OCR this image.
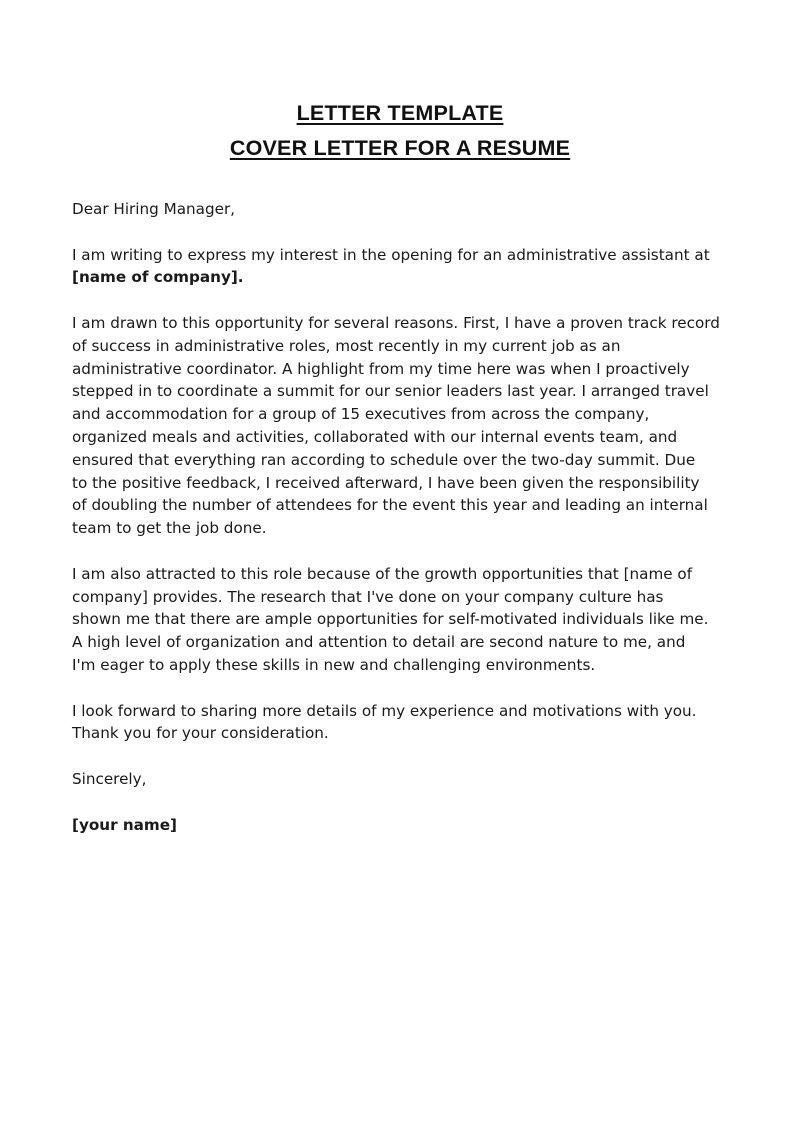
LETTER TEMPLATE
COVER LETTER FOR A RESUME

Dear Hiring Manager,

I am writing to express my interest in the opening for an administrative assistant at
[name of company].

I am drawn to this opportunity for several reasons. First, I have a proven track record
of success in administrative roles, most recently in my current job as an
administrative coordinator. A highlight from my time here was when I proactively
stepped in to coordinate a summit for our senior leaders last year. I arranged travel
and accommodation for a group of 15 executives from across the company,
organized meals and activities, collaborated with our internal events team, and
ensured that everything ran according to schedule over the two-day summit. Due
to the positive feedback, I received afterward, I have been given the responsibility
of doubling the number of attendees for the event this year and leading an internal
team to get the job done.

I am also attracted to this role because of the growth opportunities that [name of
company] provides. The research that I've done on your company culture has
shown me that there are ample opportunities for self-motivated individuals like me.
A high level of organization and attention to detail are second nature to me, and
I'm eager to apply these skills in new and challenging environments.

I look forward to sharing more details of my experience and motivations with you.
Thank you for your consideration.

Sincerely,

[your name]
